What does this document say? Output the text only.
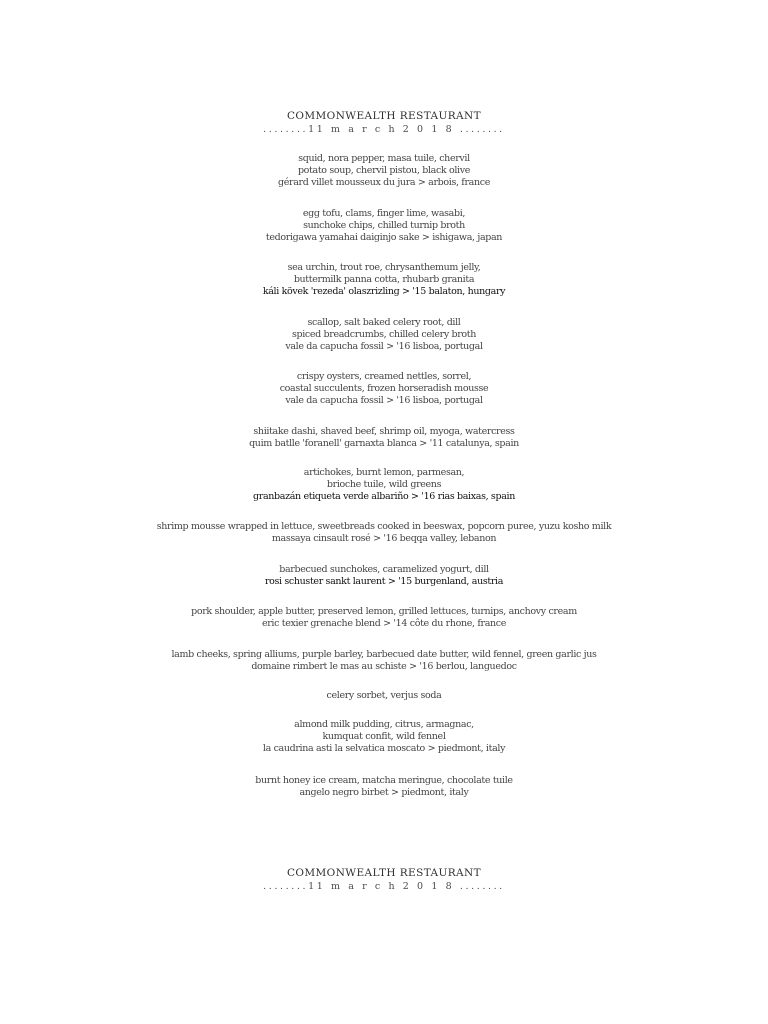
COMMONWEALTH RESTAURANT
........11 m a r c h 2 0 1 8 ........
squid, nora pepper, masa tuile, chervil
potato soup, chervil pistou, black olive
gérard villet mousseux du jura > arbois, france
egg tofu, clams, finger lime, wasabi,
sunchoke chips, chilled turnip broth
tedorigawa yamahai daiginjo sake > ishigawa, japan
sea urchin, trout roe, chrysanthemum jelly,
buttermilk panna cotta, rhubarb granita
káli kövek 'rezeda' olaszrizling > '15 balaton, hungary
scallop, salt baked celery root, dill
spiced breadcrumbs, chilled celery broth
vale da capucha fossil > '16 lisboa, portugal
crispy oysters, creamed nettles, sorrel,
coastal succulents, frozen horseradish mousse
vale da capucha fossil > '16 lisboa, portugal
shiitake dashi, shaved beef, shrimp oil, myoga, watercress
quim batlle 'foranell' garnaxta blanca > '11 catalunya, spain
artichokes, burnt lemon, parmesan,
brioche tuile, wild greens
granbazán etiqueta verde albariño > '16 rias baixas, spain
shrimp mousse wrapped in lettuce, sweetbreads cooked in beeswax, popcorn puree, yuzu kosho milk
massaya cinsault rosé > '16 beqqa valley, lebanon
barbecued sunchokes, caramelized yogurt, dill
rosi schuster sankt laurent > '15 burgenland, austria
pork shoulder, apple butter, preserved lemon, grilled lettuces, turnips, anchovy cream
eric texier grenache blend > '14 côte du rhone, france
lamb cheeks, spring alliums, purple barley, barbecued date butter, wild fennel, green garlic jus
domaine rimbert le mas au schiste > '16 berlou, languedoc
celery sorbet, verjus soda
almond milk pudding, citrus, armagnac,
kumquat confit, wild fennel
la caudrina asti la selvatica moscato > piedmont, italy
burnt honey ice cream, matcha meringue, chocolate tuile
angelo negro birbet > piedmont, italy
COMMONWEALTH RESTAURANT
........11 m a r c h 2 0 1 8 ........
